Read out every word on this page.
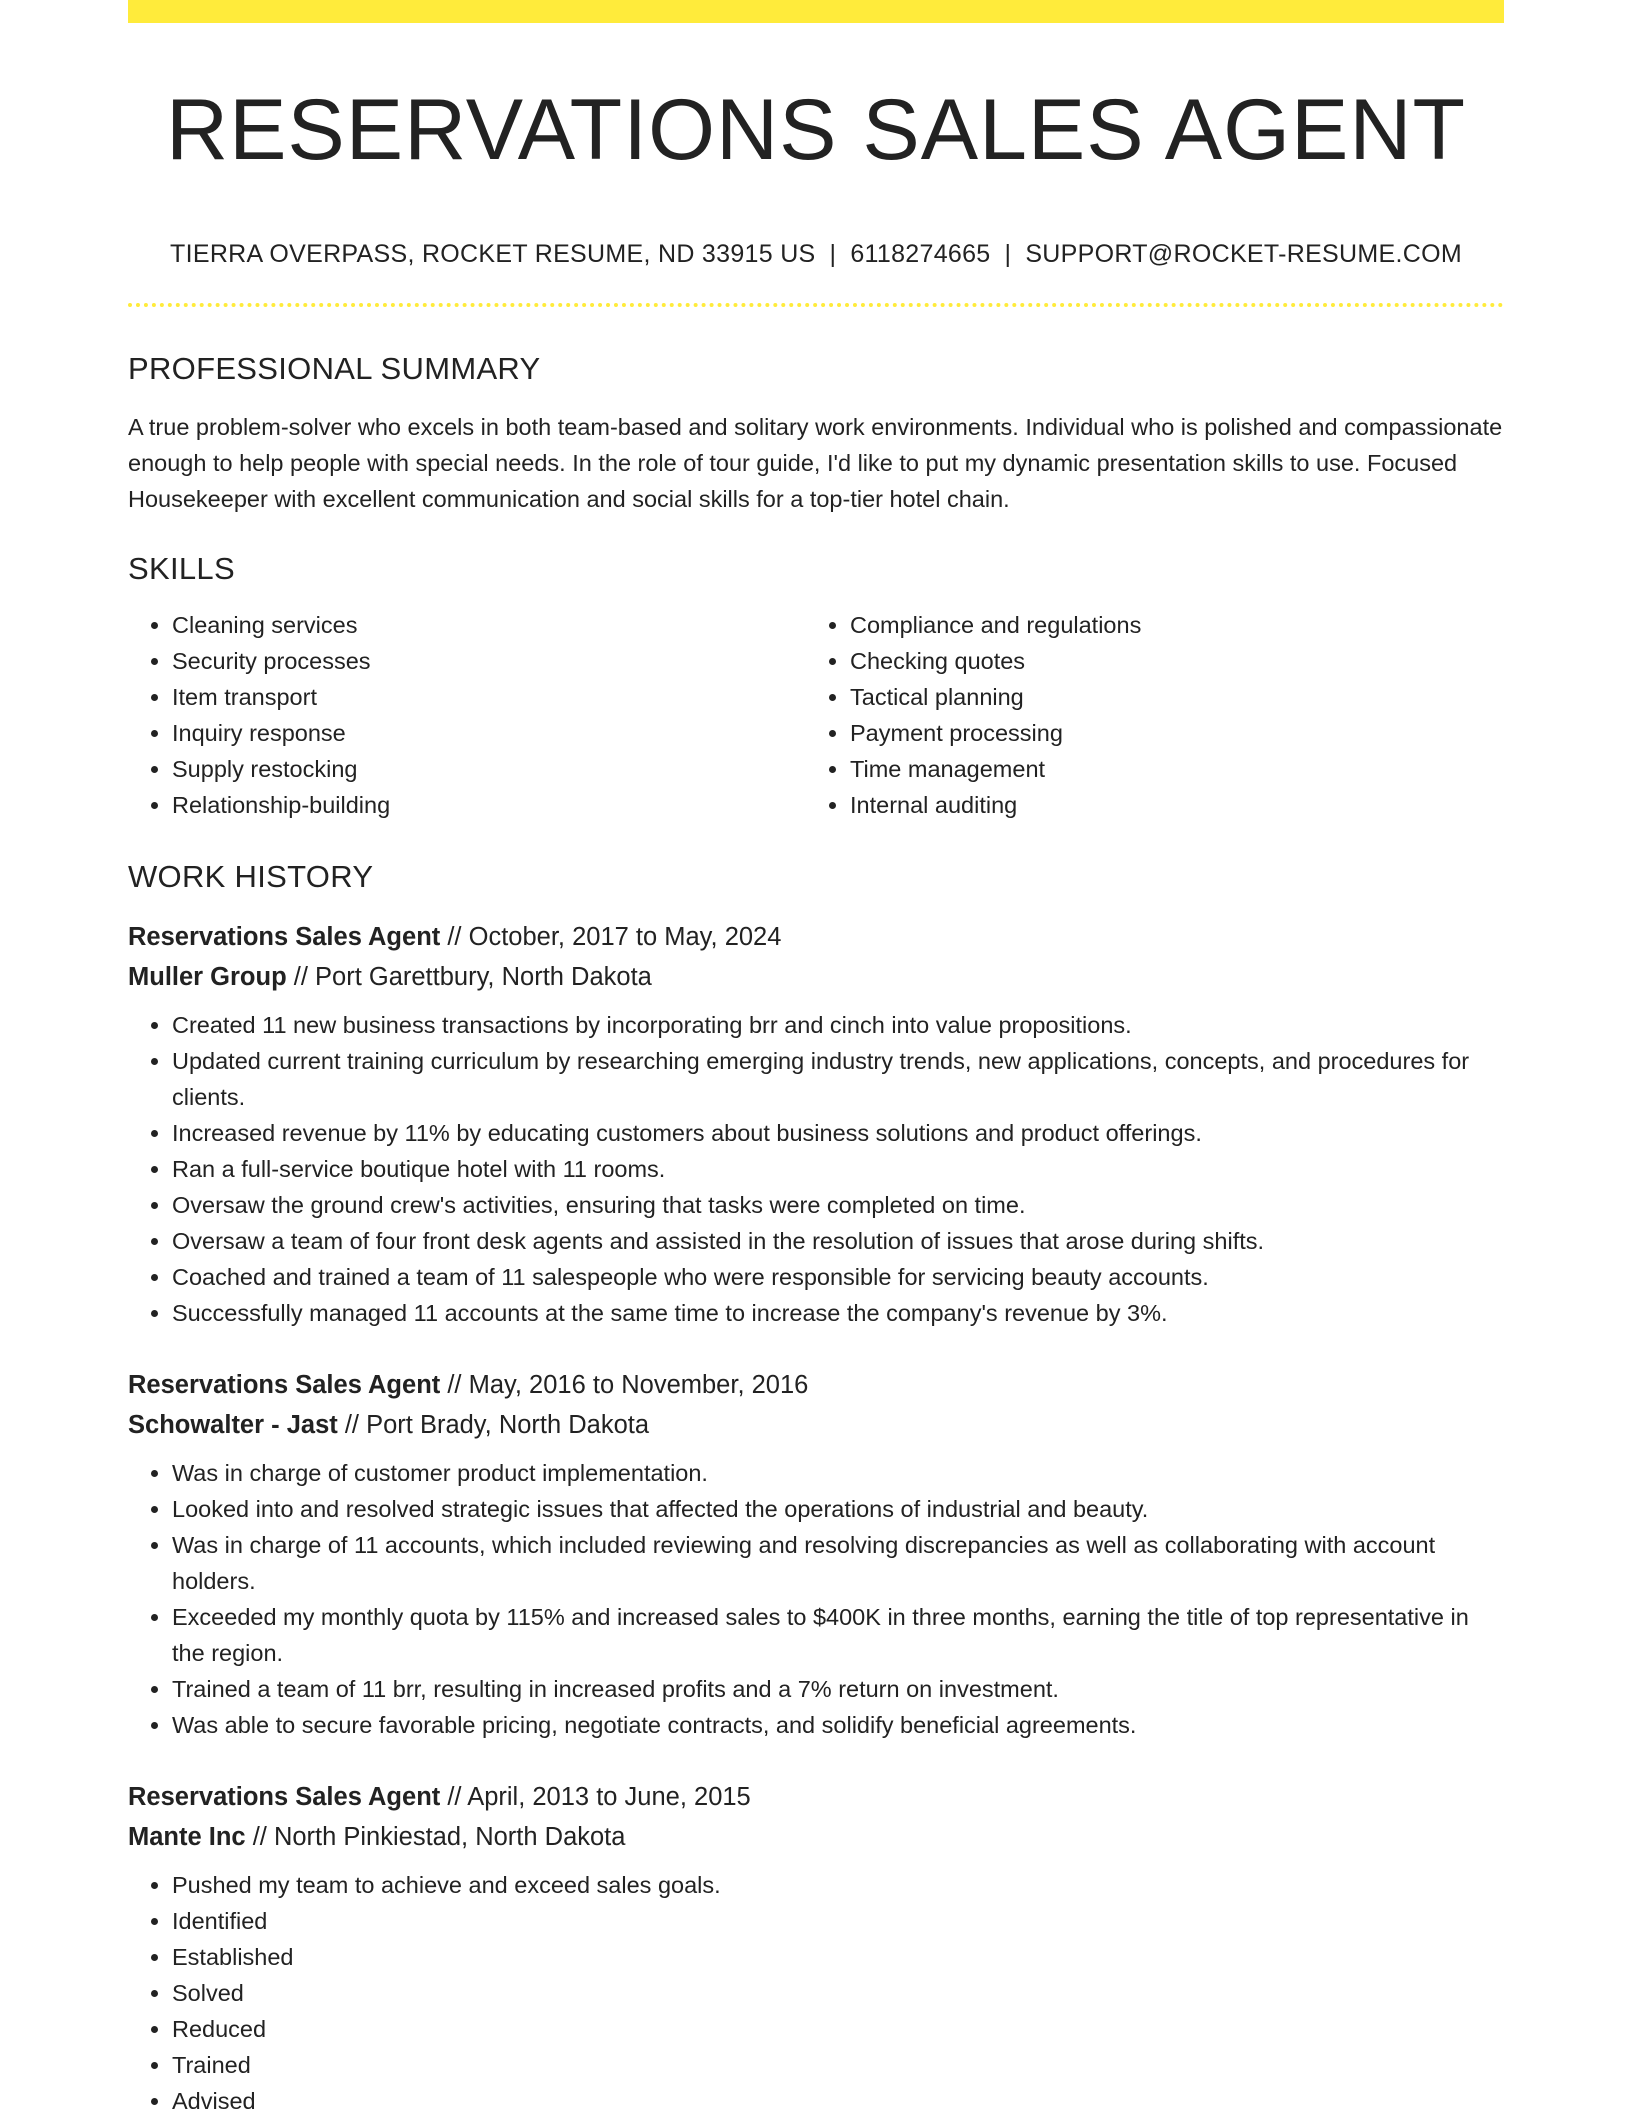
RESERVATIONS SALES AGENT
TIERRA OVERPASS, ROCKET RESUME, ND 33915 US | 6118274665 | SUPPORT@ROCKET-RESUME.COM
PROFESSIONAL SUMMARY
A true problem-solver who excels in both team-based and solitary work environments. Individual who is polished and compassionate enough to help people with special needs. In the role of tour guide, I'd like to put my dynamic presentation skills to use. Focused Housekeeper with excellent communication and social skills for a top-tier hotel chain.
SKILLS
• Cleaning services
• Security processes
• Item transport
• Inquiry response
• Supply restocking
• Relationship-building
• Compliance and regulations
• Checking quotes
• Tactical planning
• Payment processing
• Time management
• Internal auditing
WORK HISTORY
Reservations Sales Agent // October, 2017 to May, 2024
Muller Group // Port Garettbury, North Dakota
• Created 11 new business transactions by incorporating brr and cinch into value propositions.
• Updated current training curriculum by researching emerging industry trends, new applications, concepts, and procedures for clients.
• Increased revenue by 11% by educating customers about business solutions and product offerings.
• Ran a full-service boutique hotel with 11 rooms.
• Oversaw the ground crew's activities, ensuring that tasks were completed on time.
• Oversaw a team of four front desk agents and assisted in the resolution of issues that arose during shifts.
• Coached and trained a team of 11 salespeople who were responsible for servicing beauty accounts.
• Successfully managed 11 accounts at the same time to increase the company's revenue by 3%.
Reservations Sales Agent // May, 2016 to November, 2016
Schowalter - Jast // Port Brady, North Dakota
• Was in charge of customer product implementation.
• Looked into and resolved strategic issues that affected the operations of industrial and beauty.
• Was in charge of 11 accounts, which included reviewing and resolving discrepancies as well as collaborating with account holders.
• Exceeded my monthly quota by 115% and increased sales to $400K in three months, earning the title of top representative in the region.
• Trained a team of 11 brr, resulting in increased profits and a 7% return on investment.
• Was able to secure favorable pricing, negotiate contracts, and solidify beneficial agreements.
Reservations Sales Agent // April, 2013 to June, 2015
Mante Inc // North Pinkiestad, North Dakota
• Pushed my team to achieve and exceed sales goals.
• Identified
• Established
• Solved
• Reduced
• Trained
• Advised
